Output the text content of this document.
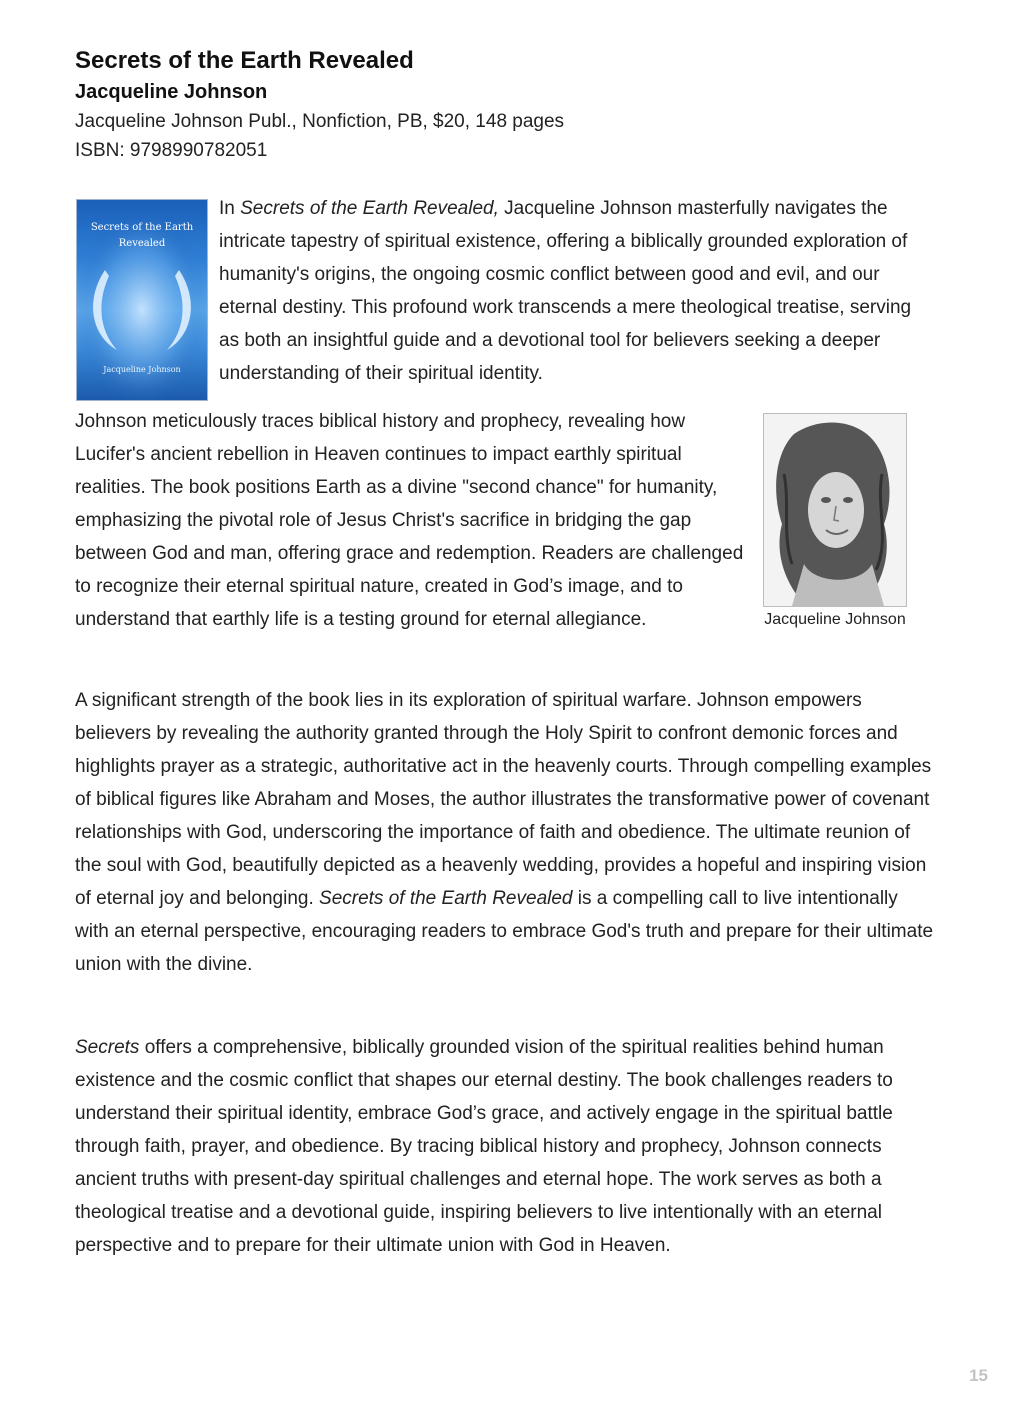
Secrets of the Earth Revealed

Jacqueline Johnson

Jacqueline Johnson Publ., Nonfiction, PB, $20, 148 pages

ISBN: 9798990782051

Secrets of the Earth
Revealed
Jacqueline Johnson

In Secrets of the Earth Revealed, Jacqueline Johnson masterfully navigates the intricate tapestry of spiritual existence, offering a biblically grounded exploration of humanity's origins, the ongoing cosmic conflict between good and evil, and our eternal destiny. This profound work transcends a mere theological treatise, serving as both an insightful guide and a devotional tool for believers seeking a deeper understanding of their spiritual identity.

Johnson meticulously traces biblical history and prophecy, revealing how Lucifer's ancient rebellion in Heaven continues to impact earthly spiritual realities. The book positions Earth as a divine "second chance" for humanity, emphasizing the pivotal role of Jesus Christ's sacrifice in bridging the gap between God and man, offering grace and redemption. Readers are challenged to recognize their eternal spiritual nature, created in God’s image, and to understand that earthly life is a testing ground for eternal allegiance.	Jacqueline Johnson

A significant strength of the book lies in its exploration of spiritual warfare. Johnson empowers believers by revealing the authority granted through the Holy Spirit to confront demonic forces and highlights prayer as a strategic, authoritative act in the heavenly courts. Through compelling examples of biblical figures like Abraham and Moses, the author illustrates the transformative power of covenant relationships with God, underscoring the importance of faith and obedience. The ultimate reunion of the soul with God, beautifully depicted as a heavenly wedding, provides a hopeful and inspiring vision of eternal joy and belonging. Secrets of the Earth Revealed is a compelling call to live intentionally with an eternal perspective, encouraging readers to embrace God's truth and prepare for their ultimate union with the divine.

Secrets offers a comprehensive, biblically grounded vision of the spiritual realities behind human existence and the cosmic conflict that shapes our eternal destiny. The book challenges readers to understand their spiritual identity, embrace God’s grace, and actively engage in the spiritual battle through faith, prayer, and obedience. By tracing biblical history and prophecy, Johnson connects ancient truths with present-day spiritual challenges and eternal hope. The work serves as both a theological treatise and a devotional guide, inspiring believers to live intentionally with an eternal perspective and to prepare for their ultimate union with God in Heaven.

15
